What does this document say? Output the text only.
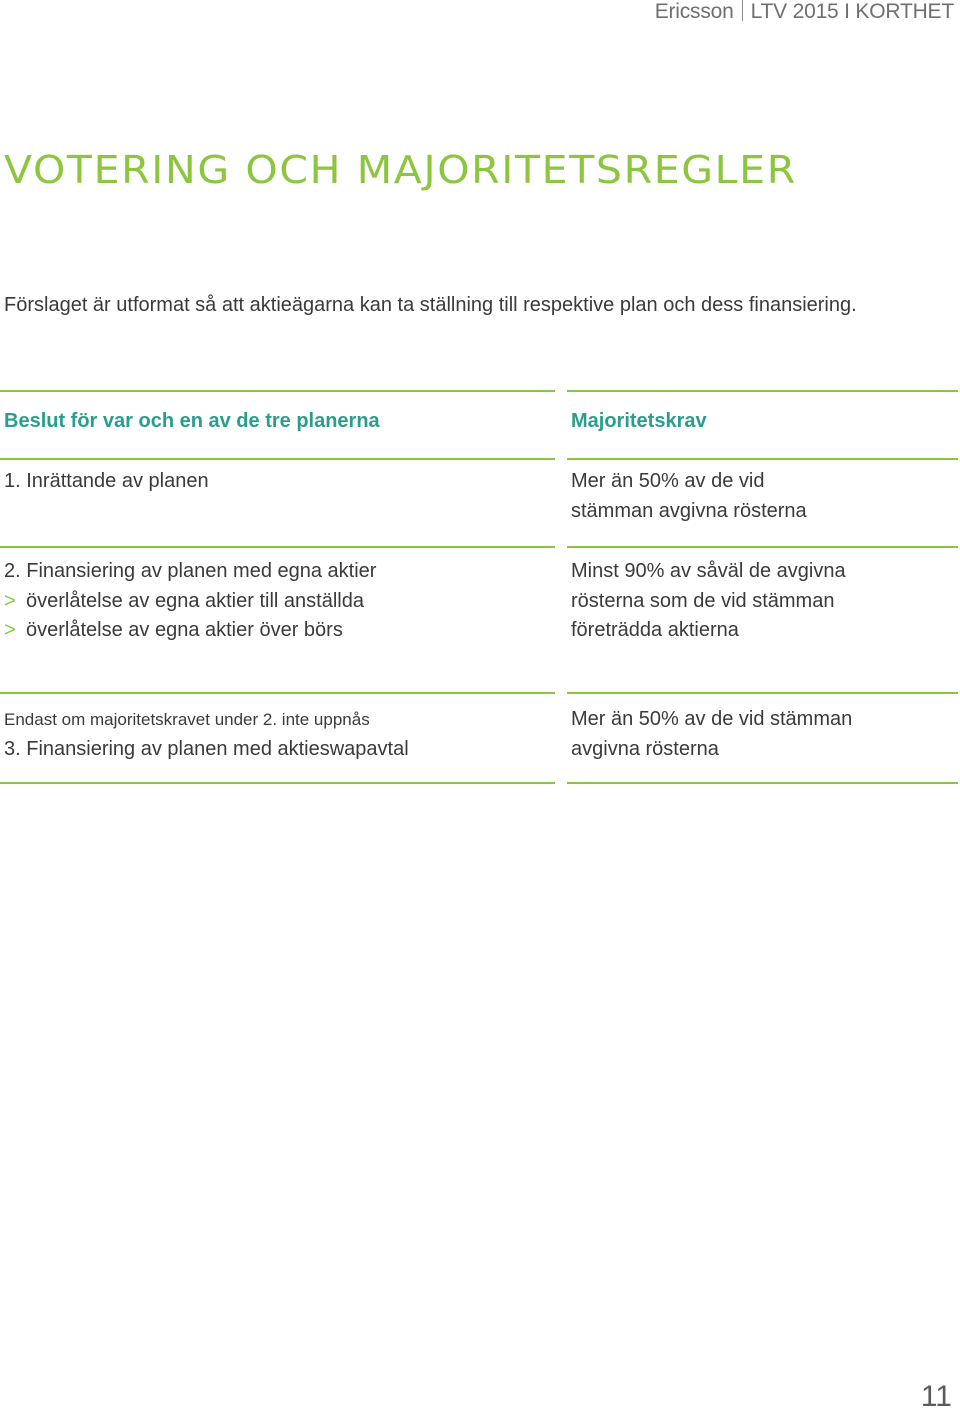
Ericsson LTV 2015 I KORTHET
VOTERING OCH MAJORITETSREGLER

Förslaget är utformat så att aktieägarna kan ta ställning till respektive plan och dess finansiering.

Beslut för var och en av de tre planerna	Majoritetskrav
1. Inrättande av planen	Mer än 50% av de vid
stämman avgivna rösterna
2. Finansiering av planen med egna aktier
> överlåtelse av egna aktier till anställda
> överlåtelse av egna aktier över börs
Minst 90% av såväl de avgivna
rösterna som de vid stämman
företrädda aktierna
Endast om majoritetskravet under 2. inte uppnås
3. Finansiering av planen med aktieswapavtal
Mer än 50% av de vid stämman
avgivna rösterna
11
